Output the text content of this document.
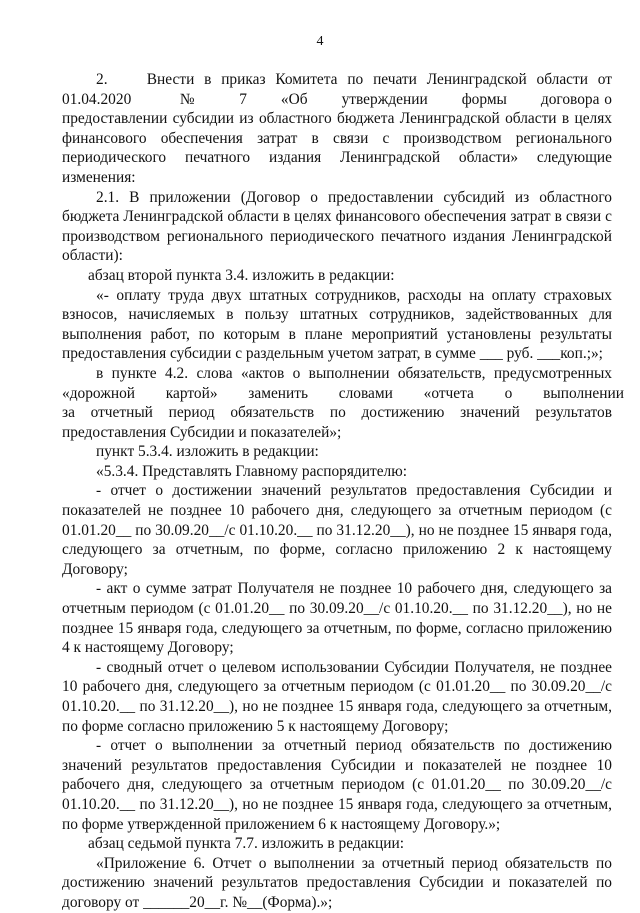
4

2.    Внести в приказ Комитета по печати Ленинградской области от 01.04.2020          №         7       «Об       утверждении       формы       договора о предоставлении субсидии из областного бюджета Ленинградской области в целях финансового обеспечения затрат в связи с производством регионального периодического печатного издания Ленинградской области» следующие изменения:

2.1. В приложении (Договор о предоставлении субсидий из областного бюджета Ленинградской области в целях финансового обеспечения затрат в связи с производством регионального периодического печатного издания Ленинградской области):

абзац второй пункта 3.4. изложить в редакции:

«- оплату труда двух штатных сотрудников, расходы на оплату страховых взносов, начисляемых в пользу штатных сотрудников, задействованных для выполнения работ, по которым в плане мероприятий установлены результаты предоставления субсидии с раздельным учетом затрат, в сумме ___ руб. ___коп.;»;

в пункте 4.2. слова «актов о выполнении обязательств, предусмотренных «дорожной        картой»        заменить        словами        «отчета        о        выполнении за отчетный период обязательств по достижению значений результатов предоставления Субсидии и показателей»;

пункт 5.3.4. изложить в редакции:

«5.3.4. Представлять Главному распорядителю:

- отчет о достижении значений результатов предоставления Субсидии и показателей не позднее 10 рабочего дня, следующего за отчетным периодом (с 01.01.20__ по 30.09.20__/с 01.10.20.__ по 31.12.20__), но не позднее 15 января года, следующего за отчетным, по форме, согласно приложению 2 к настоящему Договору;

- акт о сумме затрат Получателя не позднее 10 рабочего дня, следующего за отчетным периодом (с 01.01.20__ по 30.09.20__/с 01.10.20.__ по 31.12.20__), но не позднее 15 января года, следующего за отчетным, по форме, согласно приложению 4 к настоящему Договору;

- сводный отчет о целевом использовании Субсидии Получателя, не позднее 10 рабочего дня, следующего за отчетным периодом (с 01.01.20__ по 30.09.20__/с 01.10.20.__ по 31.12.20__), но не позднее 15 января года, следующего за отчетным, по форме согласно приложению 5 к настоящему Договору;

- отчет о выполнении за отчетный период обязательств по достижению значений результатов предоставления Субсидии и показателей не позднее 10 рабочего дня, следующего за отчетным периодом (с 01.01.20__ по 30.09.20__/с 01.10.20.__ по 31.12.20__), но не позднее 15 января года, следующего за отчетным, по форме утвержденной приложением 6 к настоящему Договору.»;

абзац седьмой пункта 7.7. изложить в редакции:

«Приложение 6. Отчет о выполнении за отчетный период обязательств по достижению значений результатов предоставления Субсидии и показателей по договору от ______20__г. №__(Форма).»;
